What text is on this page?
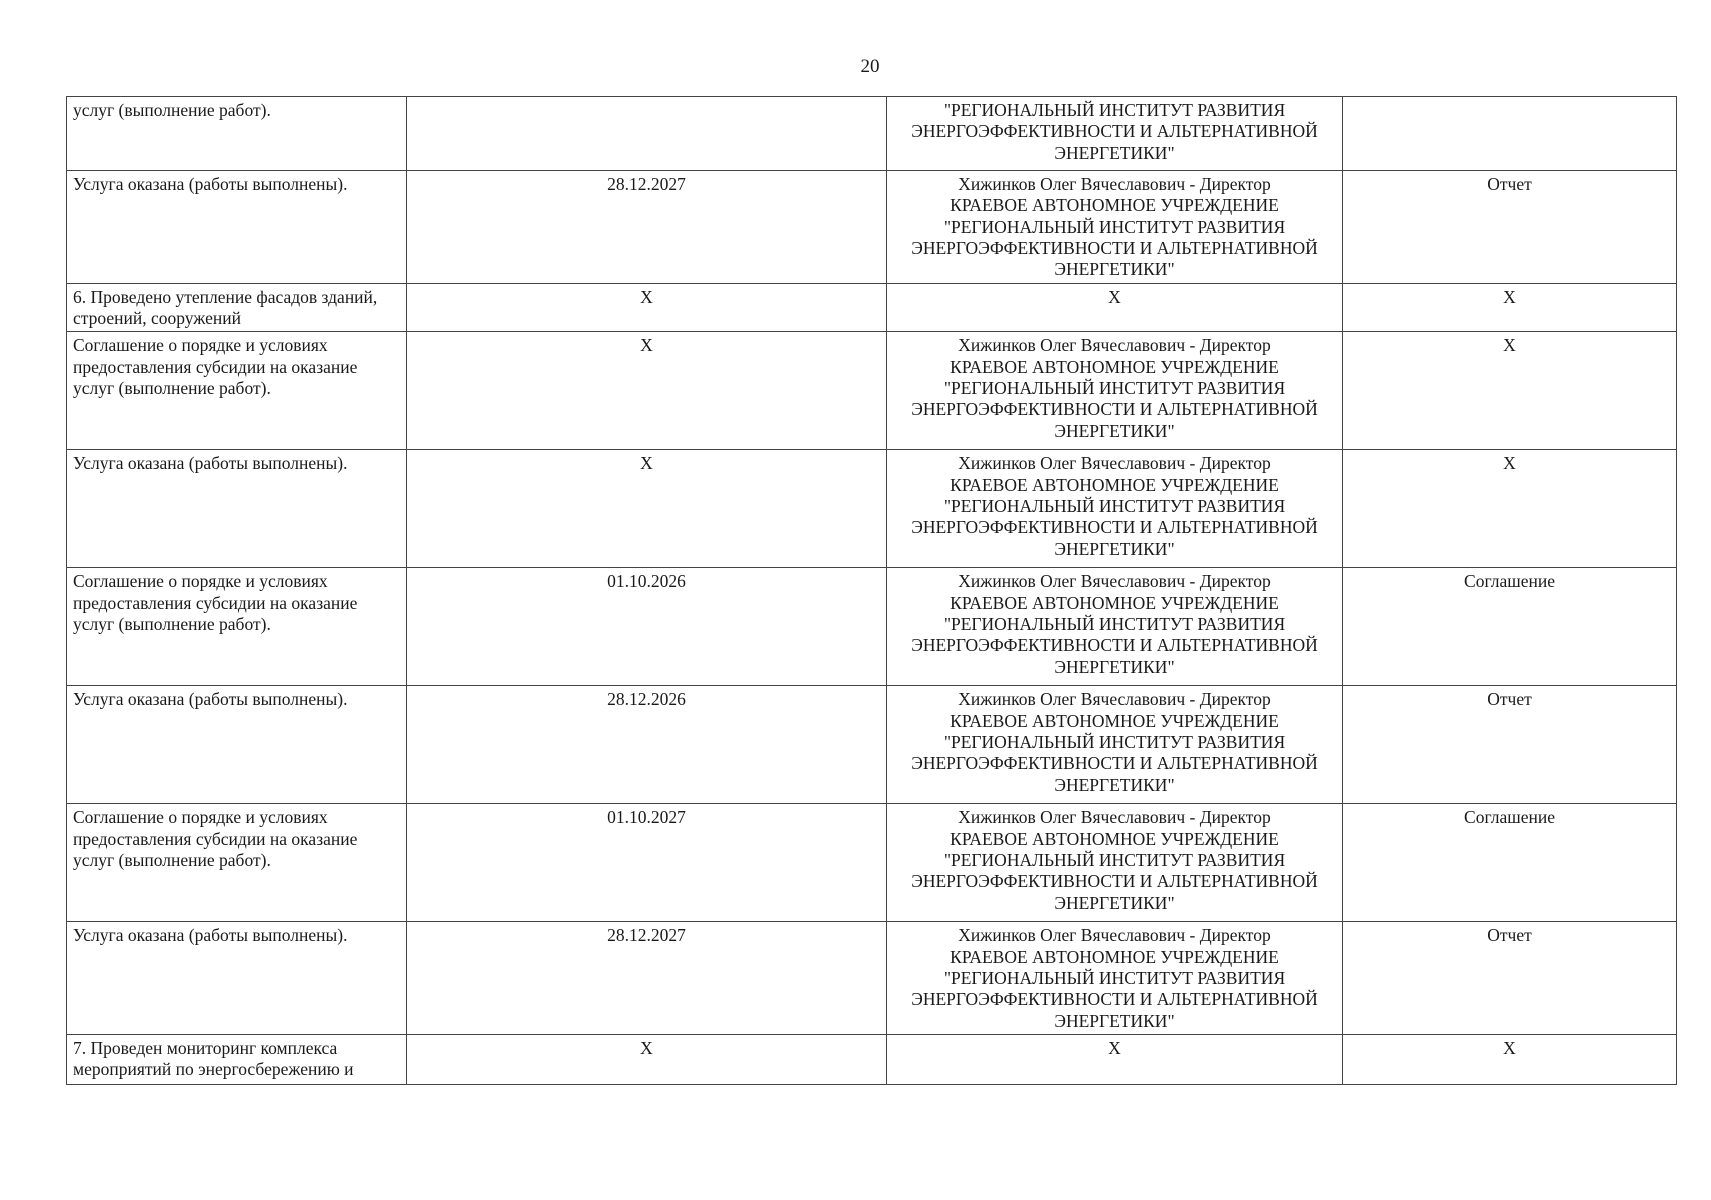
20
услуг (выполнение работ).		"РЕГИОНАЛЬНЫЙ ИНСТИТУТ РАЗВИТИЯ
ЭНЕРГОЭФФЕКТИВНОСТИ И АЛЬТЕРНАТИВНОЙ
ЭНЕРГЕТИКИ"	
Услуга оказана (работы выполнены).	28.12.2027	Хижинков Олег Вячеславович - Директор
КРАЕВОЕ АВТОНОМНОЕ УЧРЕЖДЕНИЕ
"РЕГИОНАЛЬНЫЙ ИНСТИТУТ РАЗВИТИЯ
ЭНЕРГОЭФФЕКТИВНОСТИ И АЛЬТЕРНАТИВНОЙ
ЭНЕРГЕТИКИ"	Отчет
6. Проведено утепление фасадов зданий,
строений, сооружений	X	X	X
Соглашение о порядке и условиях
предоставления субсидии на оказание
услуг (выполнение работ).	X	Хижинков Олег Вячеславович - Директор
КРАЕВОЕ АВТОНОМНОЕ УЧРЕЖДЕНИЕ
"РЕГИОНАЛЬНЫЙ ИНСТИТУТ РАЗВИТИЯ
ЭНЕРГОЭФФЕКТИВНОСТИ И АЛЬТЕРНАТИВНОЙ
ЭНЕРГЕТИКИ"	X
Услуга оказана (работы выполнены).	X	Хижинков Олег Вячеславович - Директор
КРАЕВОЕ АВТОНОМНОЕ УЧРЕЖДЕНИЕ
"РЕГИОНАЛЬНЫЙ ИНСТИТУТ РАЗВИТИЯ
ЭНЕРГОЭФФЕКТИВНОСТИ И АЛЬТЕРНАТИВНОЙ
ЭНЕРГЕТИКИ"	X
Соглашение о порядке и условиях
предоставления субсидии на оказание
услуг (выполнение работ).	01.10.2026	Хижинков Олег Вячеславович - Директор
КРАЕВОЕ АВТОНОМНОЕ УЧРЕЖДЕНИЕ
"РЕГИОНАЛЬНЫЙ ИНСТИТУТ РАЗВИТИЯ
ЭНЕРГОЭФФЕКТИВНОСТИ И АЛЬТЕРНАТИВНОЙ
ЭНЕРГЕТИКИ"	Соглашение
Услуга оказана (работы выполнены).	28.12.2026	Хижинков Олег Вячеславович - Директор
КРАЕВОЕ АВТОНОМНОЕ УЧРЕЖДЕНИЕ
"РЕГИОНАЛЬНЫЙ ИНСТИТУТ РАЗВИТИЯ
ЭНЕРГОЭФФЕКТИВНОСТИ И АЛЬТЕРНАТИВНОЙ
ЭНЕРГЕТИКИ"	Отчет
Соглашение о порядке и условиях
предоставления субсидии на оказание
услуг (выполнение работ).	01.10.2027	Хижинков Олег Вячеславович - Директор
КРАЕВОЕ АВТОНОМНОЕ УЧРЕЖДЕНИЕ
"РЕГИОНАЛЬНЫЙ ИНСТИТУТ РАЗВИТИЯ
ЭНЕРГОЭФФЕКТИВНОСТИ И АЛЬТЕРНАТИВНОЙ
ЭНЕРГЕТИКИ"	Соглашение
Услуга оказана (работы выполнены).	28.12.2027	Хижинков Олег Вячеславович - Директор
КРАЕВОЕ АВТОНОМНОЕ УЧРЕЖДЕНИЕ
"РЕГИОНАЛЬНЫЙ ИНСТИТУТ РАЗВИТИЯ
ЭНЕРГОЭФФЕКТИВНОСТИ И АЛЬТЕРНАТИВНОЙ
ЭНЕРГЕТИКИ"	Отчет
7. Проведен мониторинг комплекса
мероприятий по энергосбережению и	X	X	X
